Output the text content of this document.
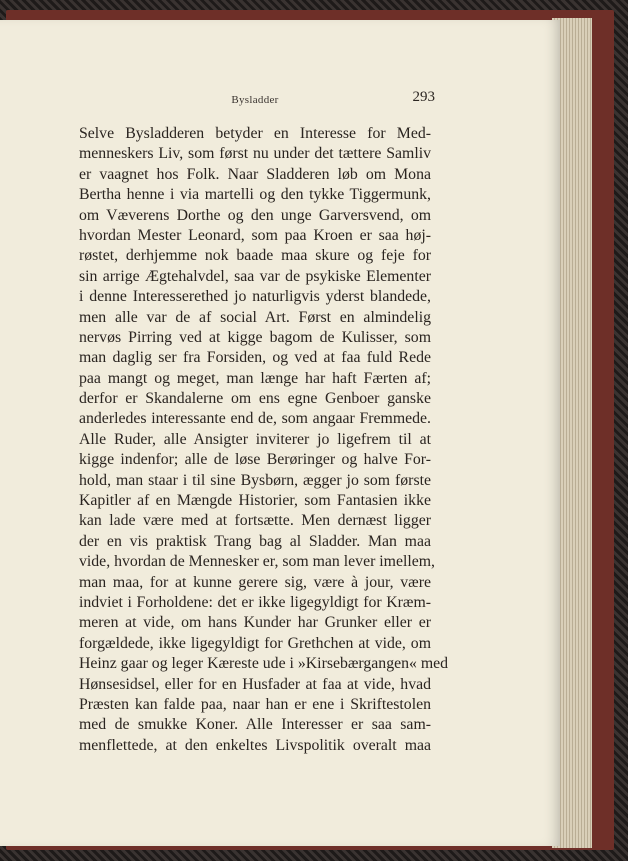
Bysladder	293
Selve Bysladderen betyder en Interesse for Med-
menneskers Liv, som først nu under det tættere Samliv
er vaagnet hos Folk. Naar Sladderen løb om Mona
Bertha henne i via martelli og den tykke Tiggermunk,
om Væverens Dorthe og den unge Garversvend, om
hvordan Mester Leonard, som paa Kroen er saa høj-
røstet, derhjemme nok baade maa skure og feje for
sin arrige Ægtehalvdel, saa var de psykiske Elementer
i denne Interesserethed jo naturligvis yderst blandede,
men alle var de af social Art. Først en almindelig
nervøs Pirring ved at kigge bagom de Kulisser, som
man daglig ser fra Forsiden, og ved at faa fuld Rede
paa mangt og meget, man længe har haft Færten af;
derfor er Skandalerne om ens egne Genboer ganske
anderledes interessante end de, som angaar Fremmede.
Alle Ruder, alle Ansigter inviterer jo ligefrem til at
kigge indenfor; alle de løse Berøringer og halve For-
hold, man staar i til sine Bysbørn, ægger jo som første
Kapitler af en Mængde Historier, som Fantasien ikke
kan lade være med at fortsætte. Men dernæst ligger
der en vis praktisk Trang bag al Sladder. Man maa
vide, hvordan de Mennesker er, som man lever imellem,
man maa, for at kunne gerere sig, være à jour, være
indviet i Forholdene: det er ikke ligegyldigt for Kræm-
meren at vide, om hans Kunder har Grunker eller er
forgældede, ikke ligegyldigt for Grethchen at vide, om
Heinz gaar og leger Kæreste ude i »Kirsebærgangen« med
Hønsesidsel, eller for en Husfader at faa at vide, hvad
Præsten kan falde paa, naar han er ene i Skriftestolen
med de smukke Koner. Alle Interesser er saa sam-
menflettede, at den enkeltes Livspolitik overalt maa
